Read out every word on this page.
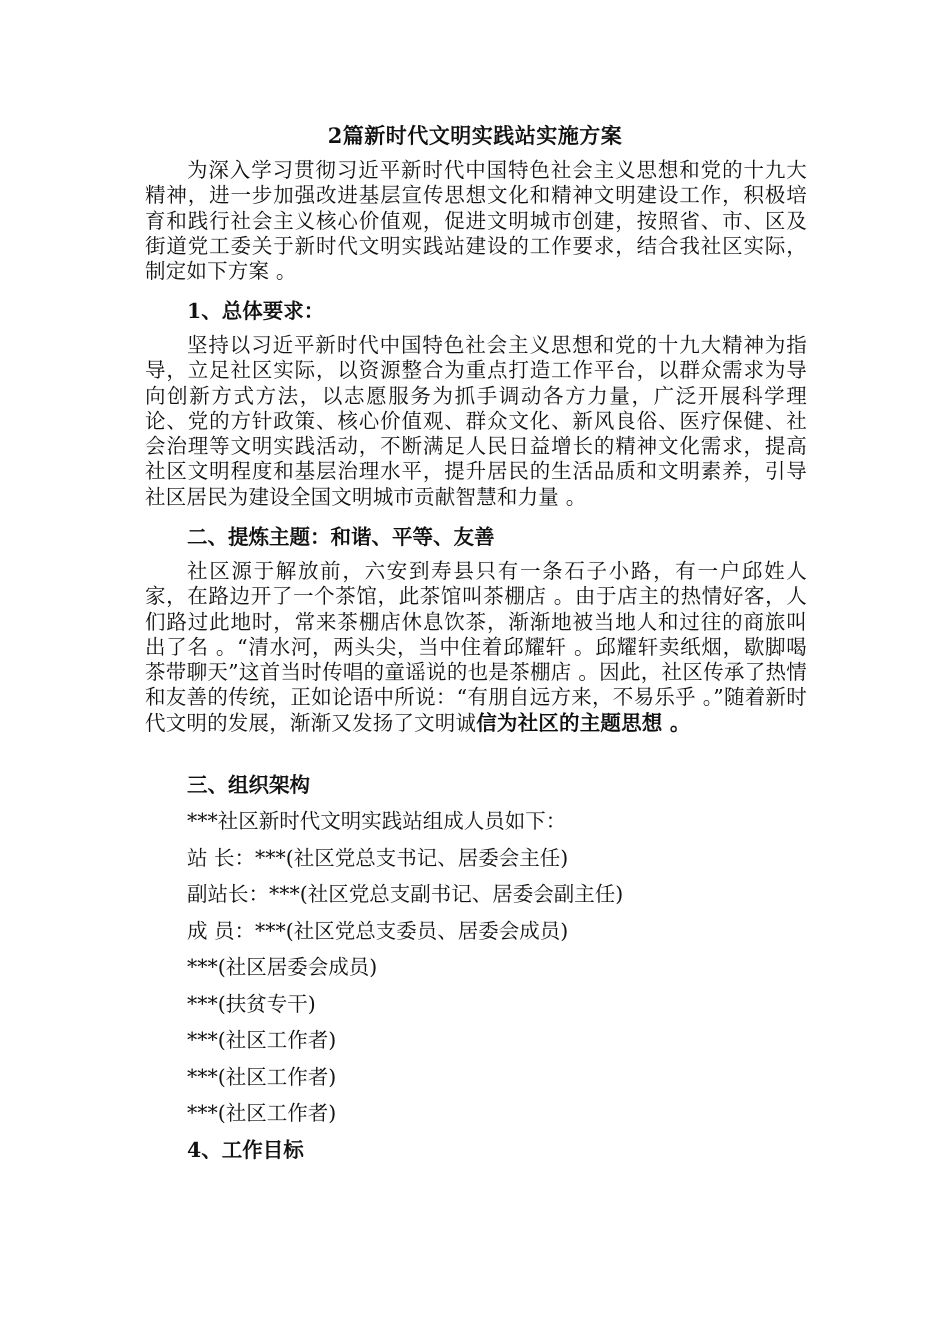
2篇新时代文明实践站实施方案
为深入学习贯彻习近平新时代中国特色社会主义思想和党的十九大精神，进一步加强改进基层宣传思想文化和精神文明建设工作，积极培育和践行社会主义核心价值观，促进文明城市创建，按照省、市、区及街道党工委关于新时代文明实践站建设的工作要求，结合我社区实际，制定如下方案 。
1、总体要求：
坚持以习近平新时代中国特色社会主义思想和党的十九大精神为指导，立足社区实际，以资源整合为重点打造工作平台，以群众需求为导向创新方式方法，以志愿服务为抓手调动各方力量，广泛开展科学理论、党的方针政策、核心价值观、群众文化、新风良俗、医疗保健、社会治理等文明实践活动，不断满足人民日益增长的精神文化需求，提高社区文明程度和基层治理水平，提升居民的生活品质和文明素养，引导社区居民为建设全国文明城市贡献智慧和力量 。
二、提炼主题：和谐、平等、友善
社区源于解放前，六安到寿县只有一条石子小路，有一户邱姓人家，在路边开了一个茶馆，此茶馆叫茶棚店 。由于店主的热情好客，人们路过此地时，常来茶棚店休息饮茶，渐渐地被当地人和过往的商旅叫出了名 。“清水河，两头尖，当中住着邱耀轩 。邱耀轩卖纸烟，歇脚喝茶带聊天”这首当时传唱的童谣说的也是茶棚店 。因此，社区传承了热情和友善的传统，正如论语中所说：“有朋自远方来，不易乐乎 。”随着新时代文明的发展，渐渐又发扬了文明诚信为社区的主题思想 。
三、组织架构
***社区新时代文明实践站组成人员如下：
站 长：***(社区党总支书记、居委会主任)
副站长：***(社区党总支副书记、居委会副主任)
成 员：***(社区党总支委员、居委会成员)
***(社区居委会成员)
***(扶贫专干)
***(社区工作者)
***(社区工作者)
***(社区工作者)
4、工作目标
